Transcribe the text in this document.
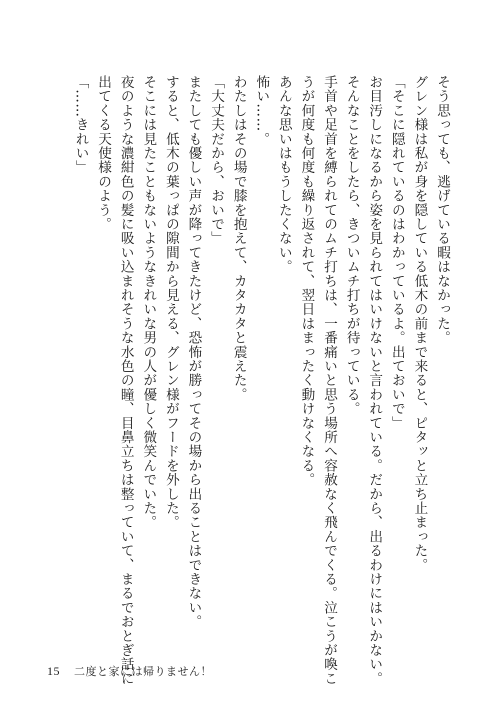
そう思っても、逃げている暇はなかった。

グレン様は私が身を隠している低木の前まで来ると、ピタッと立ち止まった。

「そこに隠れているのはわかっているよ。出ておいで」

お目汚しになるから姿を見られてはいけないと言われている。だから、出るわけにはいかない。

そんなことをしたら、きついムチ打ちが待っている。

手首や足首を縛られてのムチ打ちは、一番痛いと思う場所へ容赦なく飛んでくる。泣こうが喚こ

うが何度も何度も繰り返されて、翌日はまったく動けなくなる。

あんな思いはもうしたくない。

怖い……。

わたしはその場で膝を抱えて、カタカタと震えた。

「大丈夫だから、おいで」

またしても優しい声が降ってきたけど、恐怖が勝ってその場から出ることはできない。

すると、低木の葉っぱの隙間から見える、グレン様がフードを外した。

そこには見たこともないようなきれいな男の人が優しく微笑んでいた。

夜のような濃紺色の髪に吸い込まれそうな水色の瞳、目鼻立ちは整っていて、まるでおとぎ話に

出てくる天使様のよう。

「……きれい」

15 二度と家には帰りません！
